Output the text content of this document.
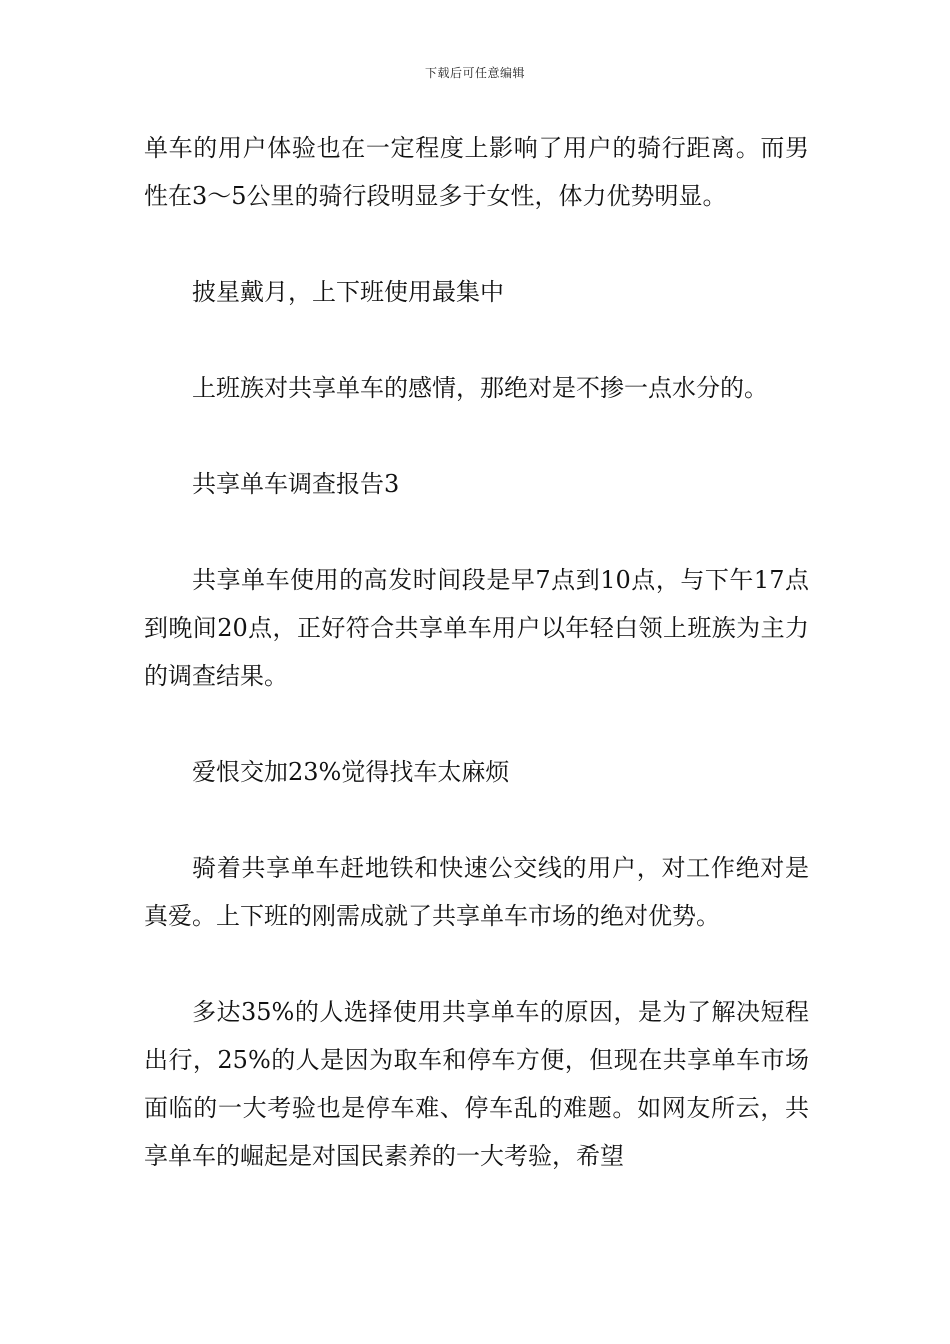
下载后可任意编辑

单车的用户体验也在一定程度上影响了用户的骑行距离。而男性在3～5公里的骑行段明显多于女性，体力优势明显。

披星戴月，上下班使用最集中

上班族对共享单车的感情，那绝对是不掺一点水分的。

共享单车调查报告3

共享单车使用的高发时间段是早7点到10点，与下午17点到晚间20点，正好符合共享单车用户以年轻白领上班族为主力的调查结果。

爱恨交加23%觉得找车太麻烦

骑着共享单车赶地铁和快速公交线的用户，对工作绝对是真爱。上下班的刚需成就了共享单车市场的绝对优势。

多达35%的人选择使用共享单车的原因，是为了解决短程出行，25%的人是因为取车和停车方便，但现在共享单车市场面临的一大考验也是停车难、停车乱的难题。如网友所云，共享单车的崛起是对国民素养的一大考验，希望
